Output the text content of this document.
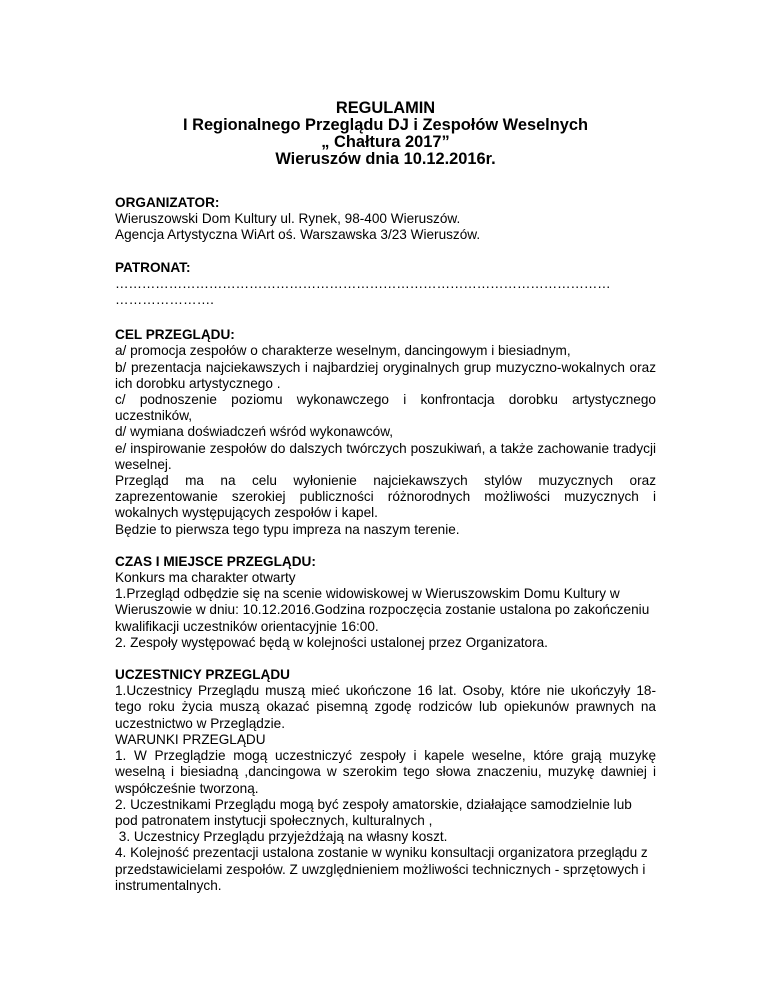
REGULAMIN
I Regionalnego Przeglądu DJ i Zespołów Weselnych
„ Chałtura 2017”
Wieruszów dnia 10.12.2016r.
ORGANIZATOR:

Wieruszowski Dom Kultury ul. Rynek, 98-400 Wieruszów.

Agencja Artystyczna WiArt oś. Warszawska 3/23 Wieruszów.

PATRONAT:

…………………………………………………………………………………………………

………………….

CEL PRZEGLĄDU:

a/ promocja zespołów o charakterze weselnym, dancingowym i biesiadnym,

b/ prezentacja najciekawszych i najbardziej oryginalnych grup muzyczno-wokalnych oraz ich dorobku artystycznego .

c/ podnoszenie poziomu wykonawczego i konfrontacja dorobku artystycznego uczestników,

d/ wymiana doświadczeń wśród wykonawców,

e/ inspirowanie zespołów do dalszych twórczych poszukiwań, a także zachowanie tradycji weselnej.

Przegląd ma na celu wyłonienie najciekawszych stylów muzycznych oraz zaprezentowanie szerokiej publiczności różnorodnych możliwości muzycznych i wokalnych występujących zespołów i kapel.

Będzie to pierwsza tego typu impreza na naszym terenie.

CZAS I MIEJSCE PRZEGLĄDU:

Konkurs ma charakter otwarty

1.Przegląd odbędzie się na scenie widowiskowej w Wieruszowskim Domu Kultury w Wieruszowie w dniu: 10.12.2016.Godzina rozpoczęcia zostanie ustalona po zakończeniu kwalifikacji uczestników orientacyjnie 16:00.

2. Zespoły występować będą w kolejności ustalonej przez Organizatora.

UCZESTNICY PRZEGLĄDU

1.Uczestnicy Przeglądu muszą mieć ukończone 16 lat. Osoby, które nie ukończyły 18-tego roku życia muszą okazać pisemną zgodę rodziców lub opiekunów prawnych na uczestnictwo w Przeglądzie.

WARUNKI PRZEGLĄDU

1. W Przeglądzie mogą uczestniczyć zespoły i kapele weselne, które grają muzykę weselną i biesiadną ,dancingowa w szerokim tego słowa znaczeniu, muzykę dawniej i współcześnie tworzoną.

2. Uczestnikami Przeglądu mogą być zespoły amatorskie, działające samodzielnie lub pod patronatem instytucji społecznych, kulturalnych ,

3. Uczestnicy Przeglądu przyjeżdżają na własny koszt.

4. Kolejność prezentacji ustalona zostanie w wyniku konsultacji organizatora przeglądu z przedstawicielami zespołów. Z uwzględnieniem możliwości technicznych - sprzętowych i instrumentalnych.
